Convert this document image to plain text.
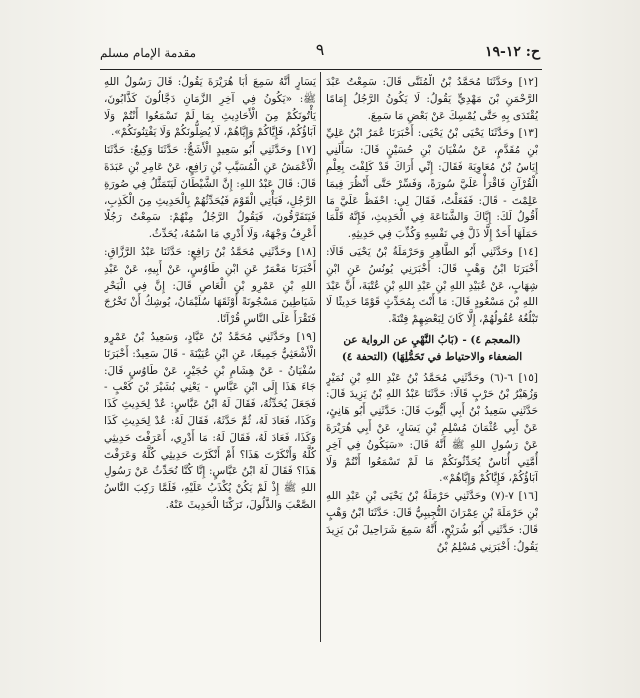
ح: ١٢-١٩
٩
مقدمة الإمام مسلم

[١٢] وحَدَّثَنَا مُحَمَّدُ بْنُ الْمُثَنَّى قَالَ: سَمِعْتُ عَبْدَ الرَّحْمَنِ بْنَ مَهْدِيٍّ يَقُولُ: لَا يَكُونُ الرَّجُلُ إِمَامًا يُقْتَدَى بِهِ حَتَّى يُمْسِكَ عَنْ بَعْضِ مَا سَمِعَ.

[١٣] وحَدَّثَنَا يَحْيَى بْنُ يَحْيَى: أَخْبَرَنَا عُمَرُ ابْنُ عَلِيِّ بْنِ مُقَدَّمٍ، عَنْ سُفْيَانَ بْنِ حُسَيْنٍ قَالَ: سَأَلَنِي إِيَاسُ بْنُ مُعَاوِيَةَ فَقَالَ: إِنِّي أَرَاكَ قَدْ كَلِفْتَ بِعِلْمِ الْقُرْآنِ فَاقْرَأْ عَلَيَّ سُورَةً، وَفَسِّرْ حَتَّى أَنْظُرَ فِيمَا عَلِمْتَ - قَالَ: فَفَعَلْتُ، فَقَالَ لِي: احْفَظْ عَلَيَّ مَا أَقُولُ لَكَ: إِيَّاكَ وَالشَّنَاعَةَ فِي الْحَدِيثِ، فَإِنَّهُ قَلَّمَا حَمَلَهَا أَحَدٌ إِلَّا ذَلَّ فِي نَفْسِهِ وَكُذِّبَ فِي حَدِيثِهِ.

[١٤] وحَدَّثَنِي أَبُو الطَّاهِرِ وَحَرْمَلَةُ بْنُ يَحْيَى قَالَا: أَخْبَرَنَا ابْنُ وَهْبٍ قَالَ: أَخْبَرَنِي يُونُسُ عَنِ ابْنِ شِهَابٍ، عَنْ عُبَيْدِ اللهِ بْنِ عَبْدِ اللهِ بْنِ عُتْبَةَ، أَنَّ عَبْدَ اللهِ بْنَ مَسْعُودٍ قَالَ: مَا أَنْتَ بِمُحَدِّثٍ قَوْمًا حَدِيثًا لَا تَبْلُغُهُ عُقُولُهُمْ، إِلَّا كَانَ لِبَعْضِهِمْ فِتْنَةً.

(المعجم ٤) - (بَابُ النَّهْيِ عن الرواية عن الضعفاء والاحتياط في تَحَمُّلِهَا) (التحفة ٤)

[١٥] ٦-(٦) وحَدَّثَنِي مُحَمَّدُ بْنُ عَبْدِ اللهِ بْنِ نُمَيْرٍ وَزُهَيْرُ بْنُ حَرْبٍ قَالَا: حَدَّثَنَا عَبْدُ اللهِ بْنُ يَزِيدَ قَالَ: حَدَّثَنِي سَعِيدُ بْنُ أَبِي أَيُّوبَ قَالَ: حَدَّثَنِي أَبُو هَانِئٍ، عَنْ أَبِي عُثْمَانَ مُسْلِمِ بْنِ يَسَارٍ، عَنْ أَبِي هُرَيْرَةَ عَنْ رَسُولِ اللهِ ﷺ أَنَّهُ قَالَ: «سَيَكُونُ فِي آخِرِ أُمَّتِي أُنَاسٌ يُحَدِّثُونَكُمْ مَا لَمْ تَسْمَعُوا أَنْتُمْ وَلَا آبَاؤُكُمْ، فَإِيَّاكُمْ وَإِيَّاهُمْ».

[١٦] ٧-(٧) وحَدَّثَنِي حَرْمَلَةُ بْنُ يَحْيَى بْنِ عَبْدِ اللهِ بْنِ حَرْمَلَةَ بْنِ عِمْرَانَ التُّجِيبِيُّ قَالَ: حَدَّثَنَا ابْنُ وَهْبٍ قَالَ: حَدَّثَنِي أَبُو شُرَيْحٍ، أَنَّهُ سَمِعَ شَرَاحِيلَ بْنَ يَزِيدَ يَقُولُ: أَخْبَرَنِي مُسْلِمُ بْنُ

يَسَارٍ أَنَّهُ سَمِعَ أَبَا هُرَيْرَةَ يَقُولُ: قَالَ رَسُولُ اللهِ ﷺ: «يَكُونُ فِي آخِرِ الزَّمَانِ دَجَّالُونَ كَذَّابُونَ، يَأْتُونَكُمْ مِنَ الْأَحَادِيثِ بِمَا لَمْ تَسْمَعُوا أَنْتُمْ وَلَا آبَاؤُكُمْ، فَإِيَّاكُمْ وَإِيَّاهُمْ، لَا يُضِلُّونَكُمْ وَلَا يَفْتِنُونَكُمْ».

[١٧] وحَدَّثَنِي أَبُو سَعِيدٍ الْأَشَجُّ: حَدَّثَنَا وَكِيعٌ: حَدَّثَنَا الْأَعْمَشُ عَنِ الْمُسَيَّبِ بْنِ رَافِعٍ، عَنْ عَامِرِ بْنِ عَبَدَةَ قَالَ: قَالَ عَبْدُ اللهِ: إِنَّ الشَّيْطَانَ لَيَتَمَثَّلُ فِي صُورَةِ الرَّجُلِ، فَيَأْتِي الْقَوْمَ فَيُحَدِّثُهُمْ بِالْحَدِيثِ مِنَ الْكَذِبِ، فَيَتَفَرَّقُونَ، فَيَقُولُ الرَّجُلُ مِنْهُمْ: سَمِعْتُ رَجُلًا أَعْرِفُ وَجْهَهُ، وَلَا أَدْرِي مَا اسْمُهُ، يُحَدِّثُ.

[١٨] وحَدَّثَنِي مُحَمَّدُ بْنُ رَافِعٍ: حَدَّثَنَا عَبْدُ الرَّزَّاقِ: أَخْبَرَنَا مَعْمَرٌ عَنِ ابْنِ طَاوُسٍ، عَنْ أَبِيهِ، عَنْ عَبْدِ اللهِ بْنِ عَمْرِو بْنِ الْعَاصِ قَالَ: إِنَّ فِي الْبَحْرِ شَيَاطِينَ مَسْجُونَةً أَوْثَقَهَا سُلَيْمَانُ، يُوشِكُ أَنْ تَخْرُجَ فَتَقْرَأَ عَلَى النَّاسِ قُرْآنًا.

[١٩] وحَدَّثَنِي مُحَمَّدُ بْنُ عَبَّادٍ، وَسَعِيدُ بْنُ عَمْرٍو الْأَشْعَثِيُّ جَمِيعًا، عَنِ ابْنِ عُيَيْنَةَ - قَالَ سَعِيدٌ: أَخْبَرَنَا سُفْيَانُ - عَنْ هِشَامِ بْنِ حُجَيْرٍ، عَنْ طَاوُسٍ قَالَ: جَاءَ هَذَا إِلَى ابْنِ عَبَّاسٍ - يَعْنِي بُشَيْرَ بْنَ كَعْبٍ - فَجَعَلَ يُحَدِّثُهُ، فَقَالَ لَهُ ابْنُ عَبَّاسٍ: عُدْ لِحَدِيثِ كَذَا وَكَذَا، فَعَادَ لَهُ، ثُمَّ حَدَّثَهُ، فَقَالَ لَهُ: عُدْ لِحَدِيثِ كَذَا وَكَذَا، فَعَادَ لَهُ، فَقَالَ لَهُ: مَا أَدْرِي، أَعَرَفْتَ حَدِيثِي كُلَّهُ وَأَنْكَرْتَ هَذَا؟ أَمْ أَنْكَرْتَ حَدِيثِي كُلَّهُ وَعَرَفْتَ هَذَا؟ فَقَالَ لَهُ ابْنُ عَبَّاسٍ: إِنَّا كُنَّا نُحَدِّثُ عَنْ رَسُولِ اللهِ ﷺ إِذْ لَمْ يَكُنْ يُكْذَبُ عَلَيْهِ، فَلَمَّا رَكِبَ النَّاسُ الصَّعْبَ وَالذَّلُولَ، تَرَكْنَا الْحَدِيثَ عَنْهُ.
